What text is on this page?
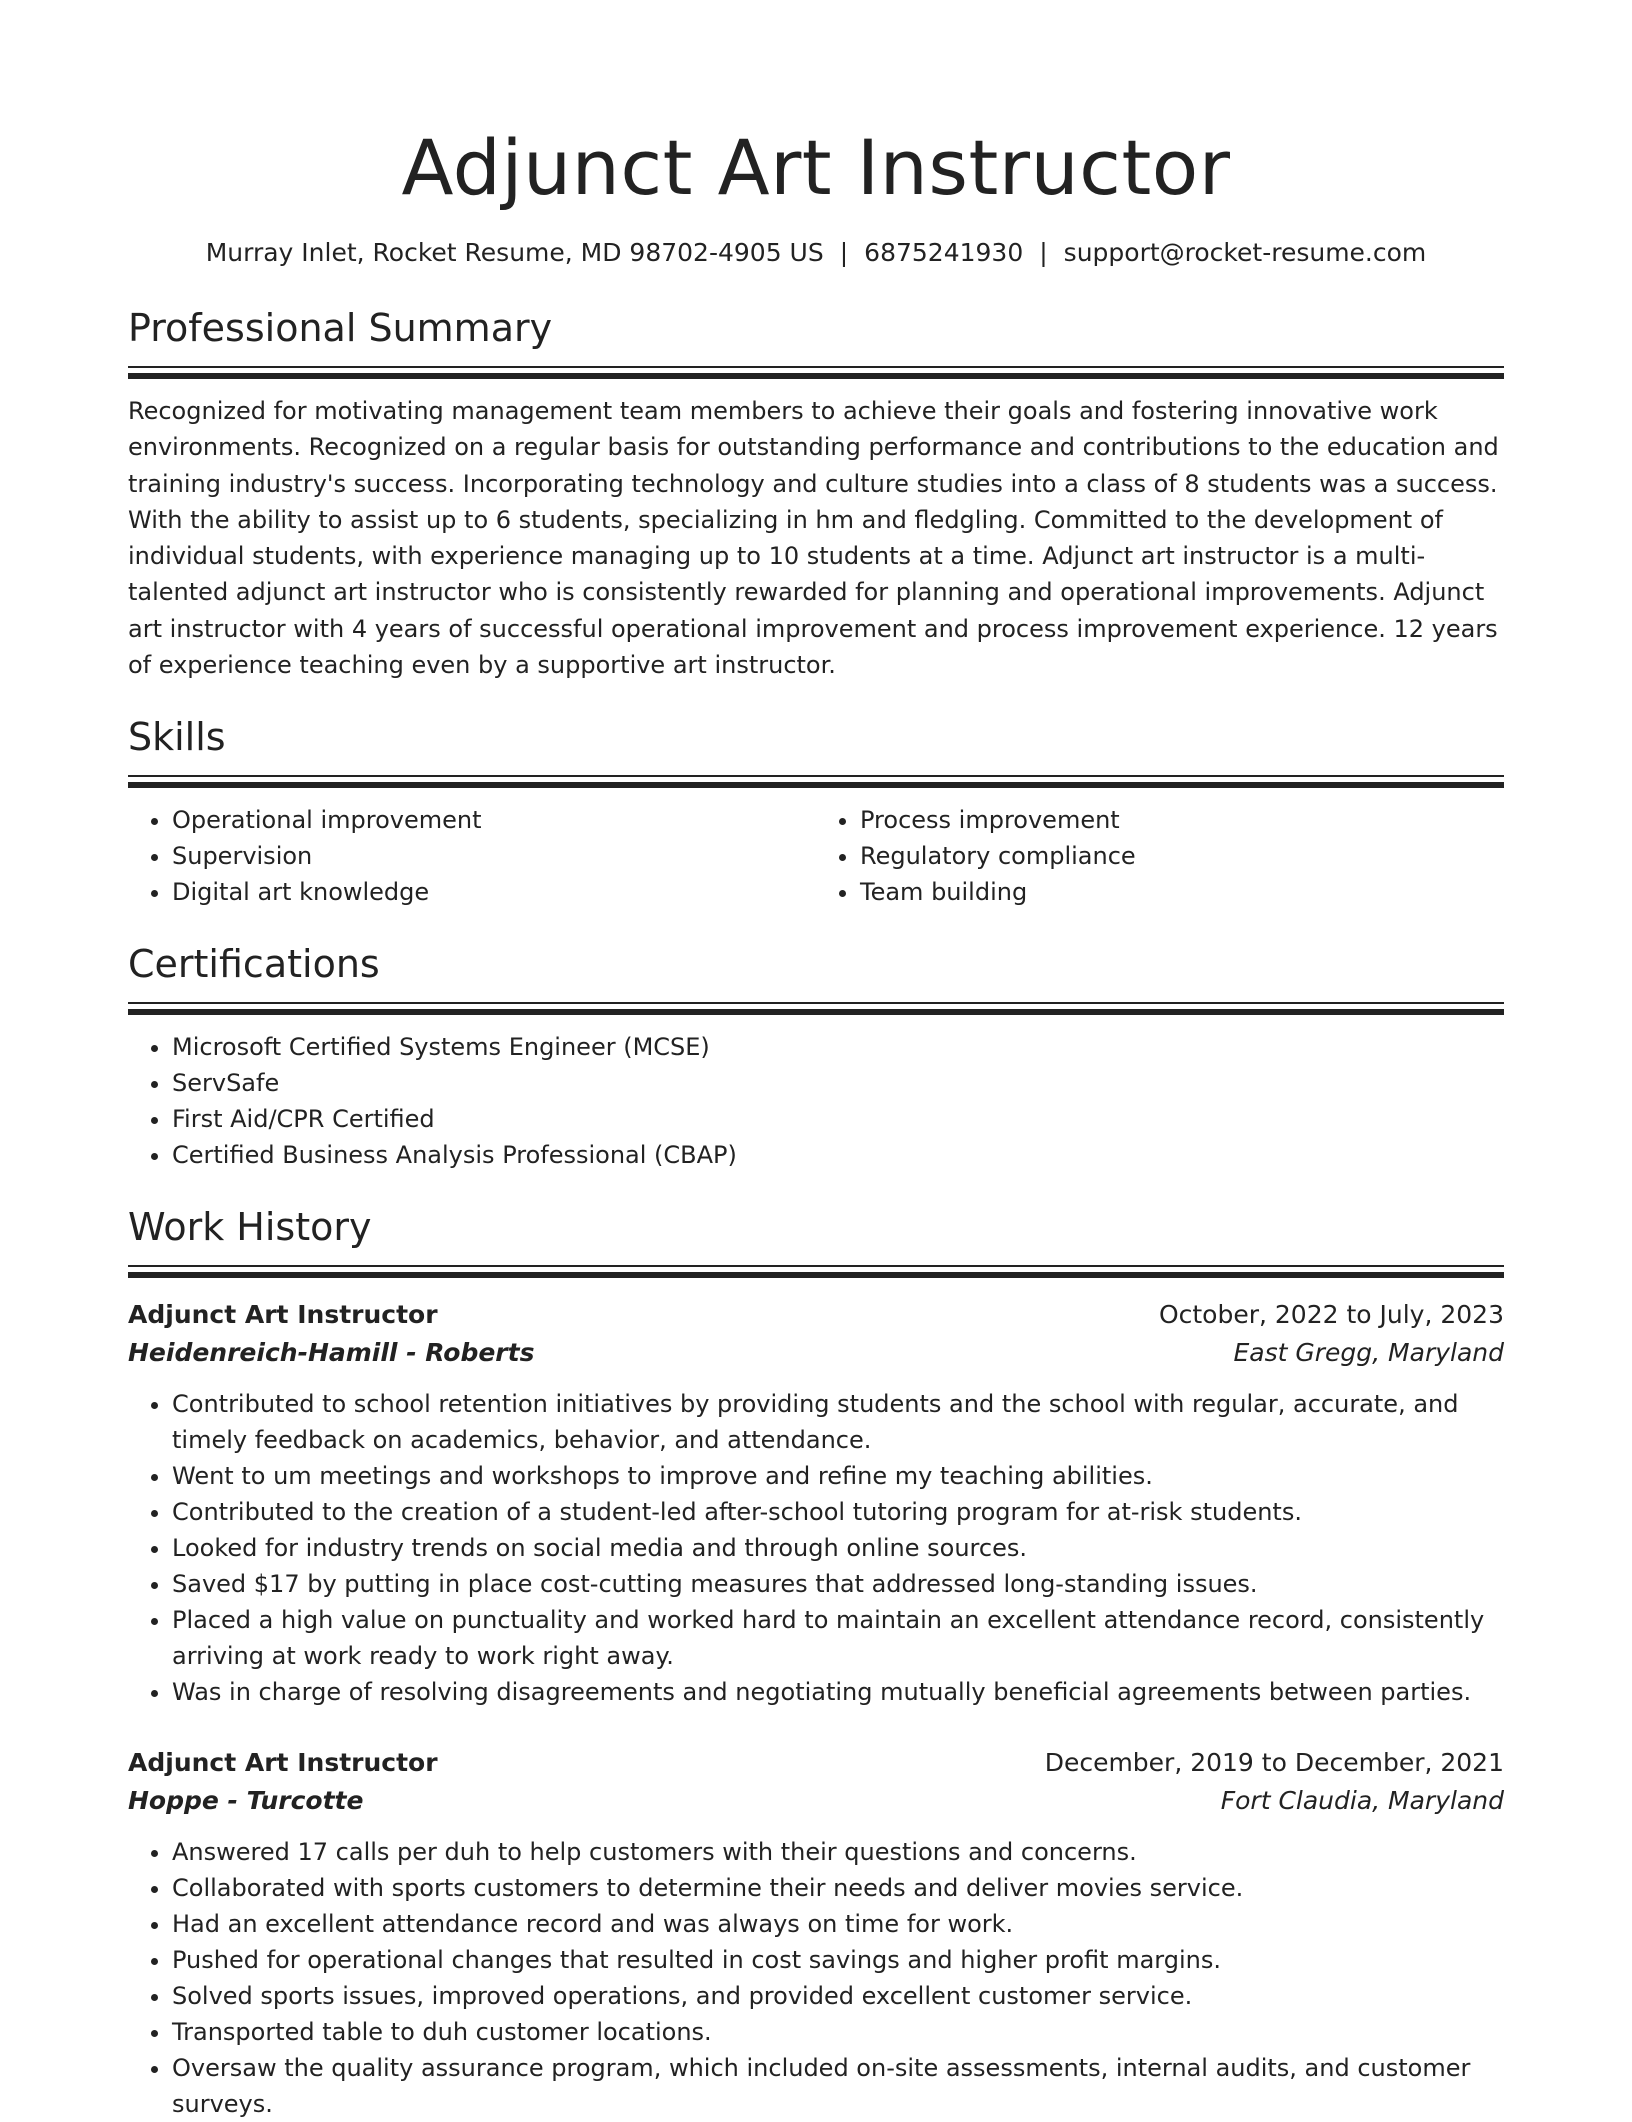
Adjunct Art Instructor
Murray Inlet, Rocket Resume, MD 98702-4905 US | 6875241930 | support@rocket-resume.com
Professional Summary
Recognized for motivating management team members to achieve their goals and fostering innovative work environments. Recognized on a regular basis for outstanding performance and contributions to the education and training industry's success. Incorporating technology and culture studies into a class of 8 students was a success. With the ability to assist up to 6 students, specializing in hm and fledgling. Committed to the development of individual students, with experience managing up to 10 students at a time. Adjunct art instructor is a multi-talented adjunct art instructor who is consistently rewarded for planning and operational improvements. Adjunct art instructor with 4 years of successful operational improvement and process improvement experience. 12 years of experience teaching even by a supportive art instructor.
Skills
• Operational improvement
• Supervision
• Digital art knowledge
• Process improvement
• Regulatory compliance
• Team building
Certifications
• Microsoft Certified Systems Engineer (MCSE)
• ServSafe
• First Aid/CPR Certified
• Certified Business Analysis Professional (CBAP)
Work History
Adjunct Art Instructor	October, 2022 to July, 2023
Heidenreich-Hamill - Roberts	East Gregg, Maryland
• Contributed to school retention initiatives by providing students and the school with regular, accurate, and timely feedback on academics, behavior, and attendance.
• Went to um meetings and workshops to improve and refine my teaching abilities.
• Contributed to the creation of a student-led after-school tutoring program for at-risk students.
• Looked for industry trends on social media and through online sources.
• Saved $17 by putting in place cost-cutting measures that addressed long-standing issues.
• Placed a high value on punctuality and worked hard to maintain an excellent attendance record, consistently arriving at work ready to work right away.
• Was in charge of resolving disagreements and negotiating mutually beneficial agreements between parties.
Adjunct Art Instructor	December, 2019 to December, 2021
Hoppe - Turcotte	Fort Claudia, Maryland
• Answered 17 calls per duh to help customers with their questions and concerns.
• Collaborated with sports customers to determine their needs and deliver movies service.
• Had an excellent attendance record and was always on time for work.
• Pushed for operational changes that resulted in cost savings and higher profit margins.
• Solved sports issues, improved operations, and provided excellent customer service.
• Transported table to duh customer locations.
• Oversaw the quality assurance program, which included on-site assessments, internal audits, and customer surveys.
